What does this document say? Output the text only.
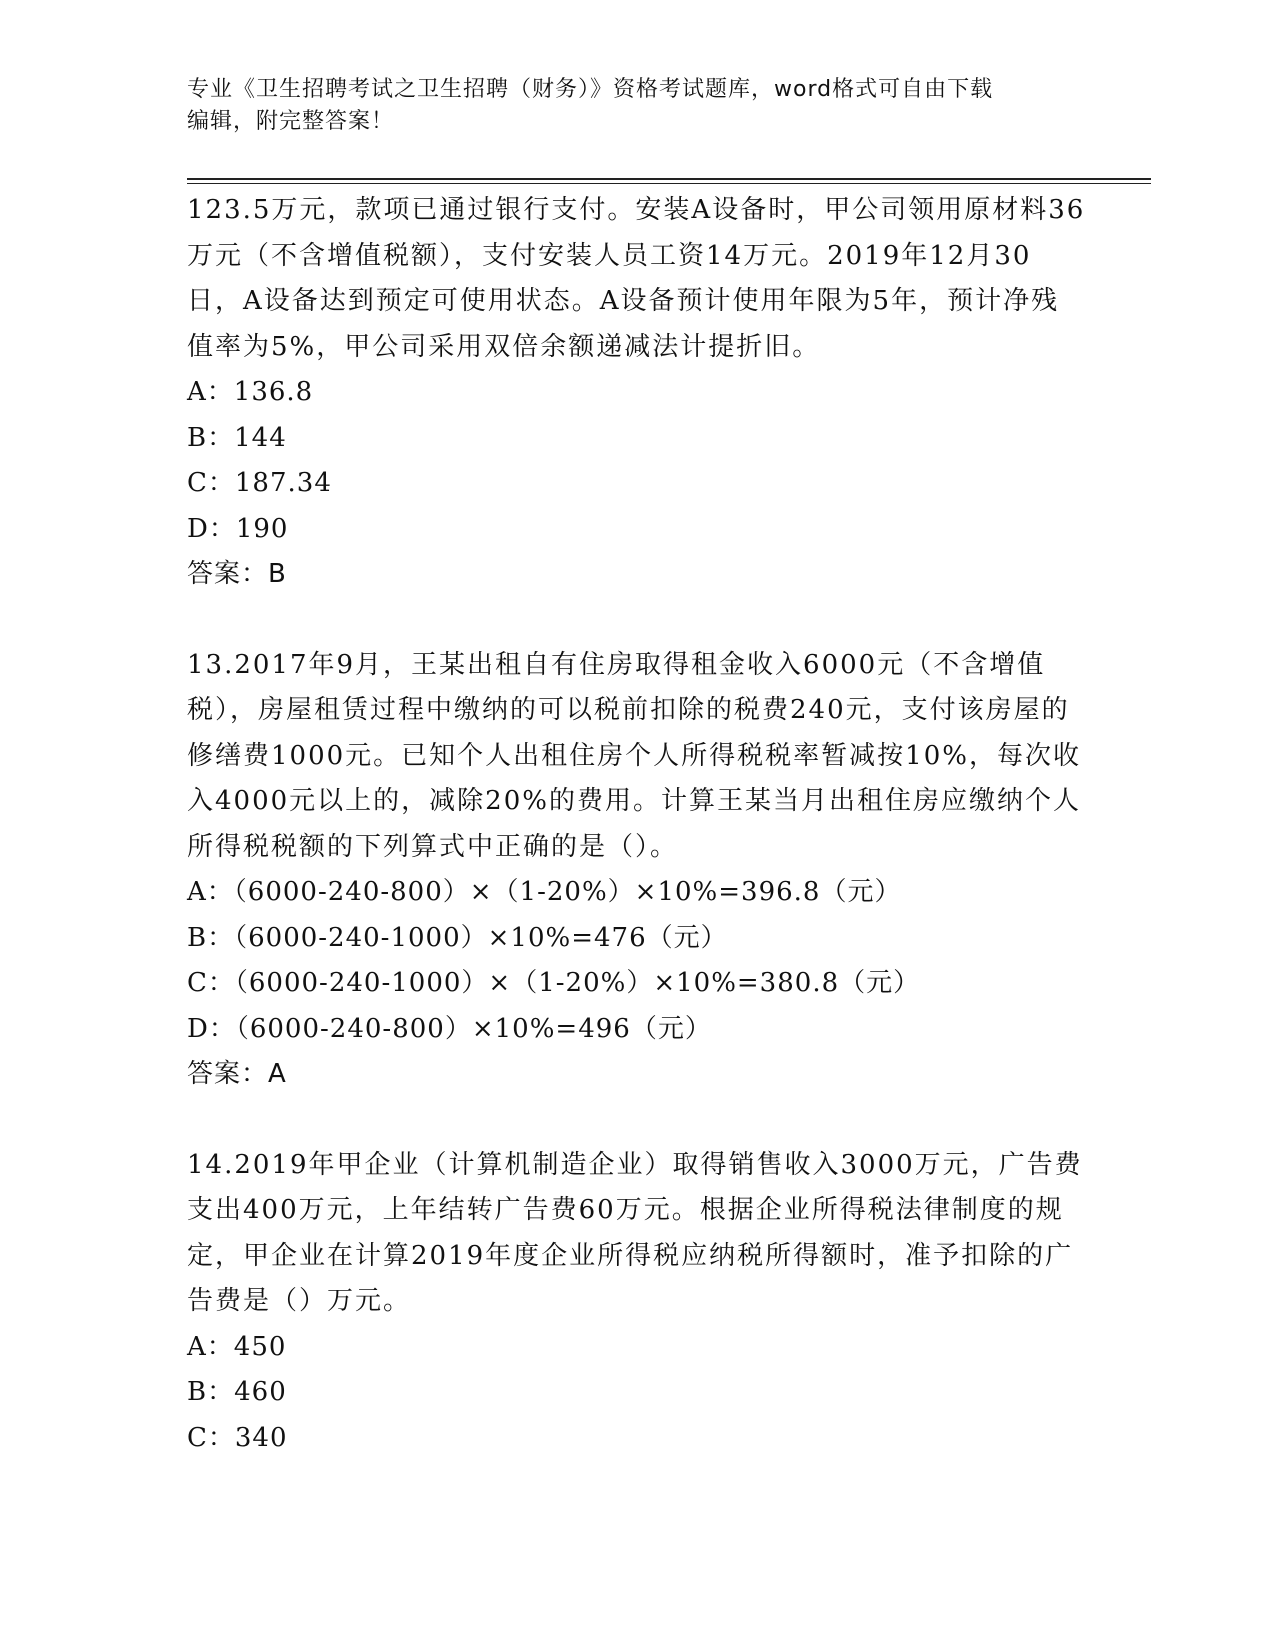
专业《卫生招聘考试之卫生招聘（财务）》资格考试题库，word格式可自由下载
编辑，附完整答案！

123.5万元，款项已通过银行支付。安装A设备时，甲公司领用原材料36万元（不含增值税额），支付安装人员工资14万元。2019年12月30日，A设备达到预定可使用状态。A设备预计使用年限为5年，预计净残值率为5%，甲公司采用双倍余额递减法计提折旧。

A：136.8

B：144

C：187.34

D：190

答案：B

13.2017年9月，王某出租自有住房取得租金收入6000元（不含增值税），房屋租赁过程中缴纳的可以税前扣除的税费240元，支付该房屋的修缮费1000元。已知个人出租住房个人所得税税率暂减按10%，每次收入4000元以上的，减除20%的费用。计算王某当月出租住房应缴纳个人所得税税额的下列算式中正确的是（）。

A：（6000-240-800）×（1-20%）×10%=396.8（元）

B：（6000-240-1000）×10%=476（元）

C：（6000-240-1000）×（1-20%）×10%=380.8（元）

D：（6000-240-800）×10%=496（元）

答案：A

14.2019年甲企业（计算机制造企业）取得销售收入3000万元，广告费支出400万元，上年结转广告费60万元。根据企业所得税法律制度的规定，甲企业在计算2019年度企业所得税应纳税所得额时，准予扣除的广告费是（）万元。

A：450

B：460

C：340
